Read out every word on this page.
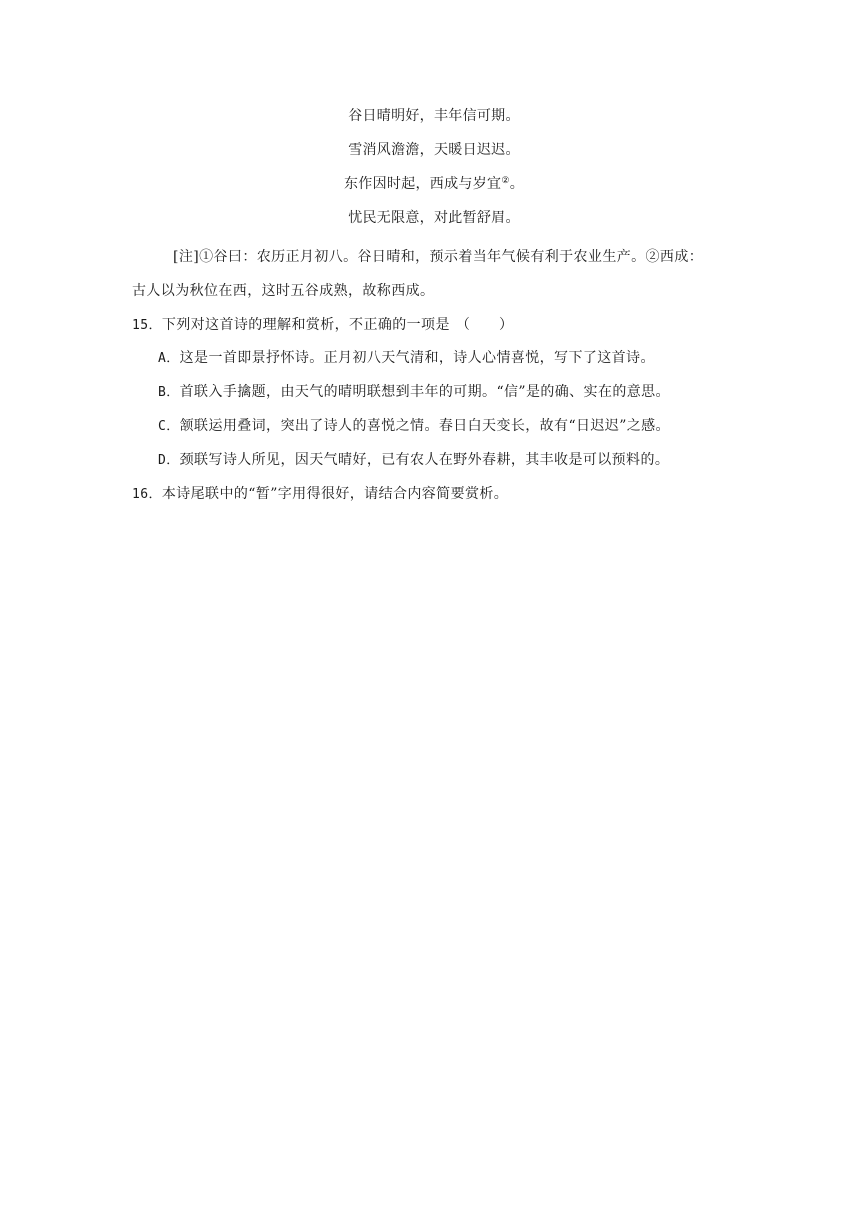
谷日晴明好，丰年信可期。
雪消风澹澹，天暖日迟迟。
东作因时起，西成与岁宜②。
忧民无限意，对此暂舒眉。
[注]①谷曰：农历正月初八。谷日晴和，预示着当年气候有利于农业生产。②西成：
古人以为秋位在西，这时五谷成熟，故称西成。
15．下列对这首诗的理解和赏析，不正确的一项是 （　　）
A．这是一首即景抒怀诗。正月初八天气清和，诗人心情喜悦，写下了这首诗。
B．首联入手擒题，由天气的晴明联想到丰年的可期。“信”是的确、实在的意思。
C．颔联运用叠词，突出了诗人的喜悦之情。春日白天变长，故有“日迟迟”之感。
D．颈联写诗人所见，因天气晴好，已有农人在野外春耕，其丰收是可以预料的。
16．本诗尾联中的“暂”字用得很好，请结合内容简要赏析。
